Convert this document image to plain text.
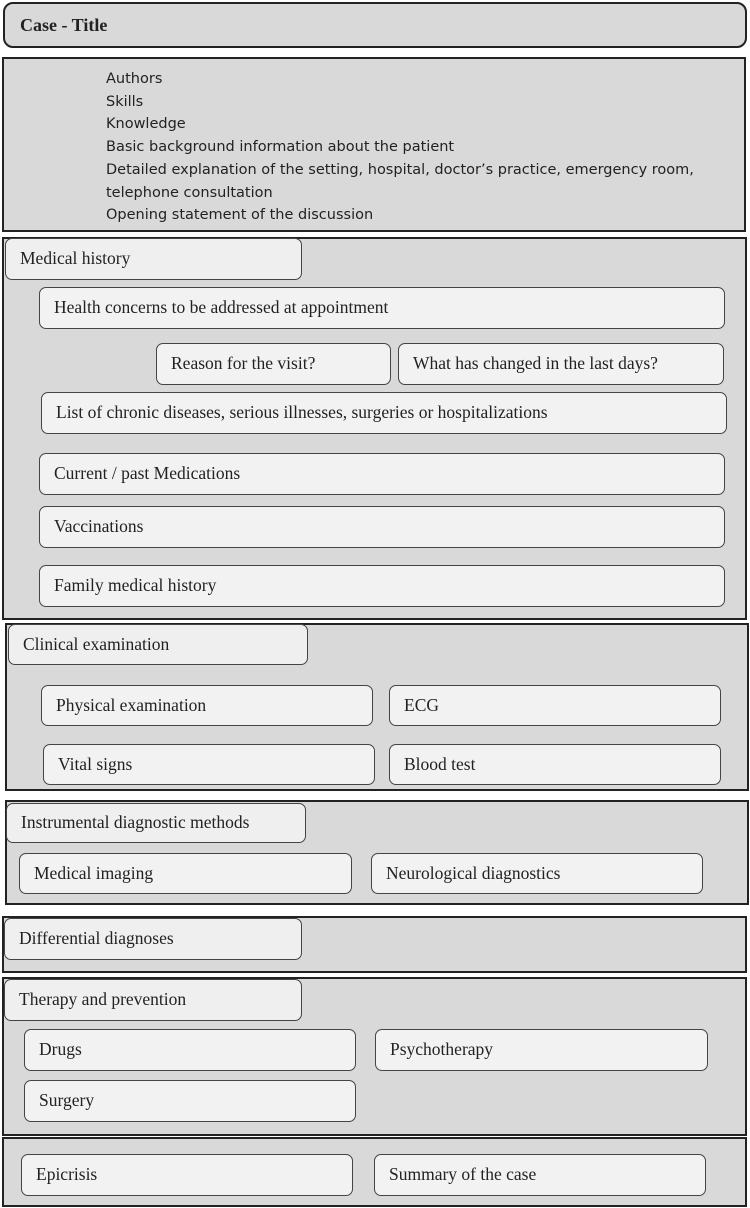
Case - Title
Authors
Skills
Knowledge
Basic background information about the patient
Detailed explanation of the setting, hospital, doctor’s practice, emergency room,
telephone consultation
Opening statement of the discussion
Medical history
Health concerns to be addressed at appointment
Reason for the visit?	What has changed in the last days?
List of chronic diseases, serious illnesses, surgeries or hospitalizations
Current / past Medications
Vaccinations
Family medical history
Clinical examination
Physical examination	ECG
Vital signs	Blood test
Instrumental diagnostic methods
Medical imaging	Neurological diagnostics
Differential diagnoses
Therapy and prevention
Drugs	Psychotherapy
Surgery
Epicrisis	Summary of the case
